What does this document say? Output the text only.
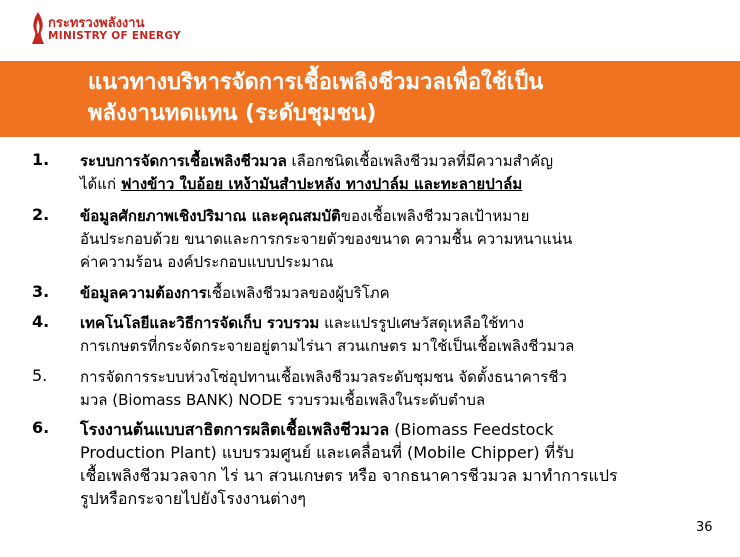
กระทรวงพลังงาน
MINISTRY OF ENERGY
แนวทางบริหารจัดการเชื้อเพลิงชีวมวลเพื่อใช้เป็น
พลังงานทดแทน (ระดับชุมชน)
1. ระบบการจัดการเชื้อเพลิงชีวมวล เลือกชนิดเชื้อเพลิงชีวมวลที่มีความสำคัญ
ได้แก่ ฟางข้าว ใบอ้อย เหง้ามันสำปะหลัง ทางปาล์ม และทะลายปาล์ม
2. ข้อมูลศักยภาพเชิงปริมาณ และคุณสมบัติของเชื้อเพลิงชีวมวลเป้าหมาย
อันประกอบด้วย ขนาดและการกระจายตัวของขนาด ความชื้น ความหนาแน่น
ค่าความร้อน องค์ประกอบแบบประมาณ
3. ข้อมูลความต้องการเชื้อเพลิงชีวมวลของผู้บริโภค
4. เทคโนโลยีและวิธีการจัดเก็บ รวบรวม และแปรรูปเศษวัสดุเหลือใช้ทาง
การเกษตรที่กระจัดกระจายอยู่ตามไร่นา สวนเกษตร มาใช้เป็นเชื้อเพลิงชีวมวล
5. การจัดการระบบห่วงโซ่อุปทานเชื้อเพลิงชีวมวลระดับชุมชน จัดตั้งธนาคารชีว
มวล (Biomass BANK) NODE รวบรวมเชื้อเพลิงในระดับตำบล
6. โรงงานต้นแบบสาธิตการผลิตเชื้อเพลิงชีวมวล (Biomass Feedstock
Production Plant) แบบรวมศูนย์ และเคลื่อนที่ (Mobile Chipper) ที่รับ
เชื้อเพลิงชีวมวลจาก ไร่ นา สวนเกษตร หรือ จากธนาคารชีวมวล มาทำการแปร
รูปหรือกระจายไปยังโรงงานต่างๆ
36
